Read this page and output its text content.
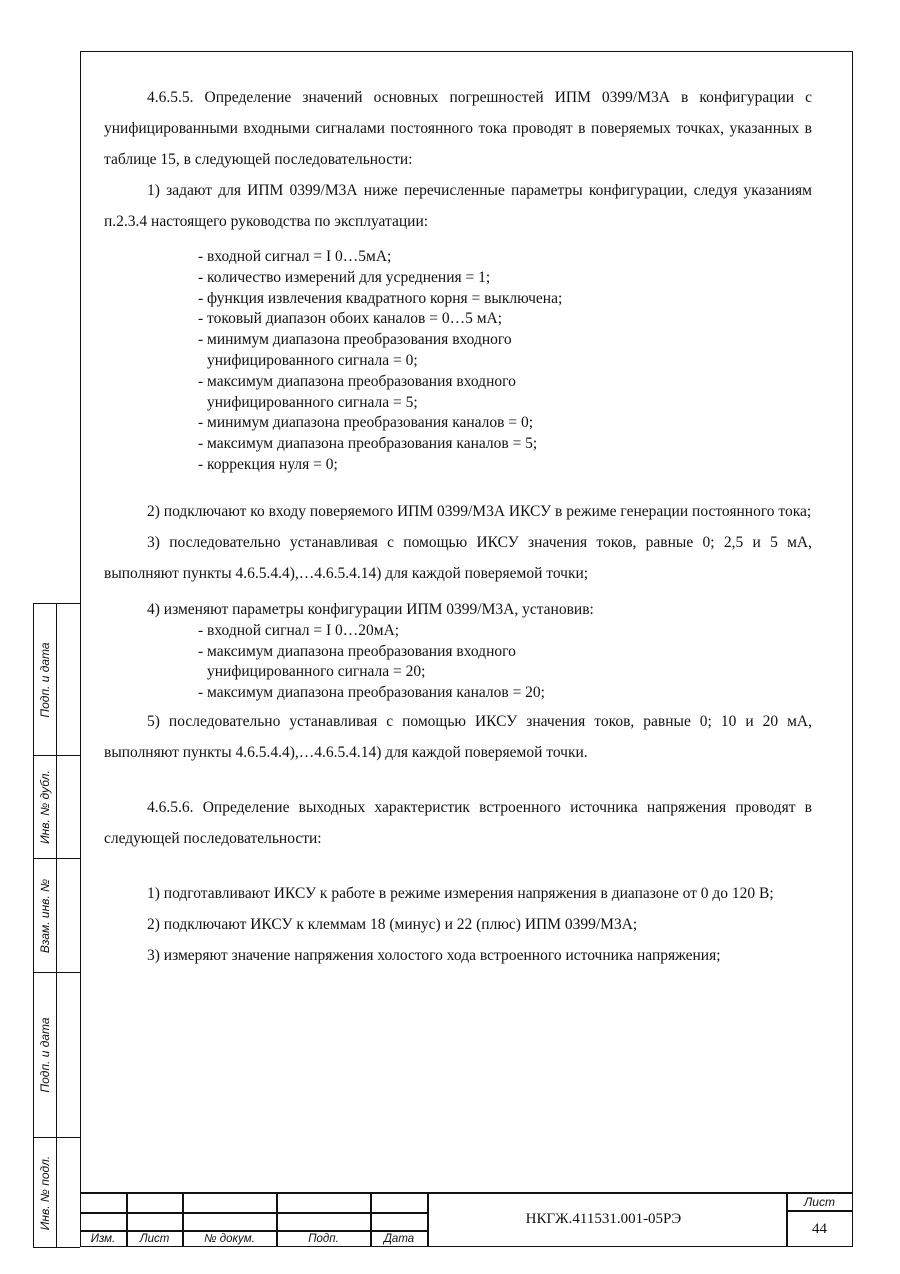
4.6.5.5. Определение значений основных погрешностей ИПМ 0399/М3А в конфигурации с унифицированными входными сигналами постоянного тока проводят в поверяемых точках, указанных в таблице 15, в следующей последовательности:

1) задают для ИПМ 0399/М3А ниже перечисленные параметры конфигурации, следуя указаниям п.2.3.4 настоящего руководства по эксплуатации:

- входной сигнал = I 0…5мА;
- количество измерений для усреднения = 1;
- функция извлечения квадратного корня = выключена;
- токовый диапазон обоих каналов = 0…5 мА;
- минимум диапазона преобразования входного
унифицированного сигнала = 0;
- максимум диапазона преобразования входного
унифицированного сигнала = 5;
- минимум диапазона преобразования каналов = 0;
- максимум диапазона преобразования каналов = 5;
- коррекция нуля = 0;

2) подключают ко входу поверяемого ИПМ 0399/М3А ИКСУ в режиме генерации постоянного тока;

3) последовательно устанавливая с помощью ИКСУ значения токов, равные 0; 2,5 и 5 мА, выполняют пункты 4.6.5.4.4),…4.6.5.4.14) для каждой поверяемой точки;

4) изменяют параметры конфигурации ИПМ 0399/М3А, установив:

- входной сигнал = I 0…20мА;
- максимум диапазона преобразования входного
унифицированного сигнала = 20;
- максимум диапазона преобразования каналов = 20;

5) последовательно устанавливая с помощью ИКСУ значения токов, равные 0; 10 и 20 мА, выполняют пункты 4.6.5.4.4),…4.6.5.4.14) для каждой поверяемой точки.

4.6.5.6. Определение выходных характеристик встроенного источника напряжения проводят в следующей последовательности:

1) подготавливают ИКСУ к работе в режиме измерения напряжения в диапазоне от 0 до 120 В;

2) подключают ИКСУ к клеммам 18 (минус) и 22 (плюс) ИПМ 0399/М3А;

3) измеряют значение напряжения холостого хода встроенного источника напряжения;

Подп. и дата
Инв. № дубл.
Взам. инв. №
Подп. и дата
Инв. № подл.
Изм.	Лист	№ докум.	Подп.	Дата
НКГЖ.411531.001-05РЭ
Лист
44
